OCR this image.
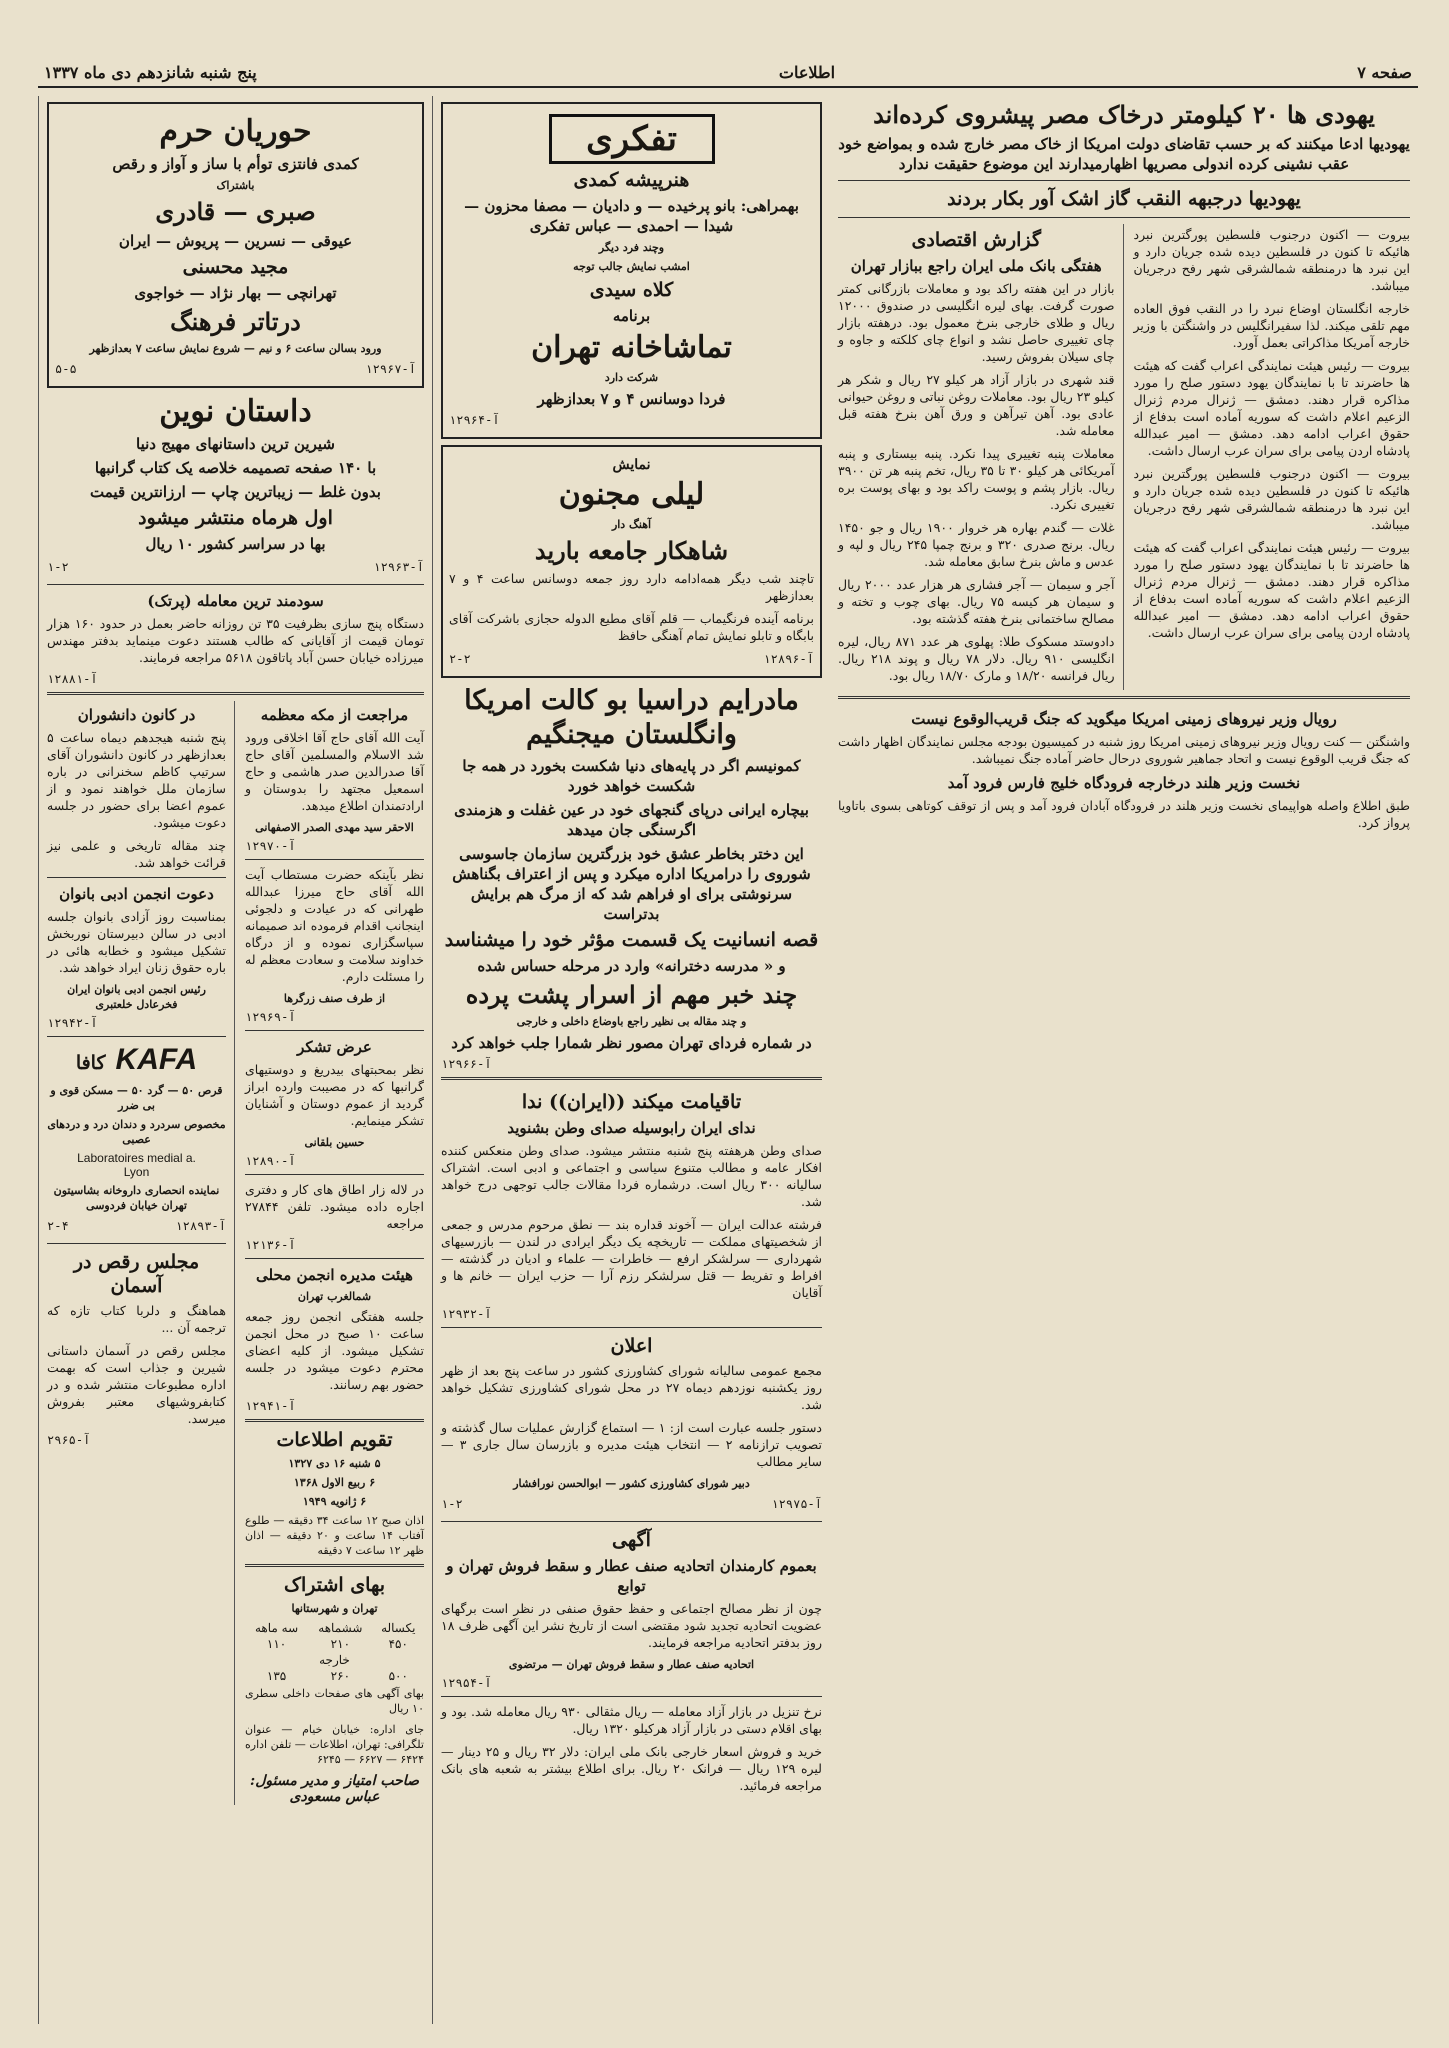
صفحه ۷
اطلاعات
پنج شنبه شانزدهم دی ماه ۱۳۳۷
یهودی ها ۲۰ کیلومتر درخاک مصر پیشروی کرده‌اند
یهودیها ادعا میکنند که بر حسب تقاضای دولت امریکا از خاک مصر خارج شده و بمواضع خود عقب نشینی کرده اند‌ولی مصریها اظهارمیدارند این موضوع حقیقت ندارد
یهودیها درجبهه النقب گاز اشک آور بکار بردند

بیروت — اکنون درجنوب فلسطین پورگترین نبرد هائیکه تا کنون در فلسطین دیده شده جریان دارد و این نبرد ها درمنطقه شمالشرقی شهر رفح درجریان میباشد.

خارجه انگلستان اوضاع نبرد را در النقب فوق العاده مهم تلقی میکند. لذا سفیرانگلیس در واشنگتن با وزیر خارجه آمریکا مذاکراتی بعمل آورد.

بیروت — رئیس هیئت نمایندگی اعراب گفت که هیئت ها حاضرند تا با نمایندگان یهود دستور صلح را مورد مذاکره قرار دهند. دمشق — ژنرال مردم ژنرال الزعیم اعلام داشت که سوریه آماده است بدفاع از حقوق اعراب ادامه دهد. دمشق — امیر عبدالله پادشاه اردن پیامی برای سران عرب ارسال داشت.

بیروت — اکنون درجنوب فلسطین پورگترین نبرد هائیکه تا کنون در فلسطین دیده شده جریان دارد و این نبرد ها درمنطقه شمالشرقی شهر رفح درجریان میباشد.

بیروت — رئیس هیئت نمایندگی اعراب گفت که هیئت ها حاضرند تا با نمایندگان یهود دستور صلح را مورد مذاکره قرار دهند. دمشق — ژنرال مردم ژنرال الزعیم اعلام داشت که سوریه آماده است بدفاع از حقوق اعراب ادامه دهد. دمشق — امیر عبدالله پادشاه اردن پیامی برای سران عرب ارسال داشت.

گزارش اقتصادی
هفتگی بانک ملی ایران راجع ببازار تهران

بازار در این هفته راکد بود و معاملات بازرگانی کمتر صورت گرفت. بهای لیره انگلیسی در صندوق ۱۲۰۰۰ ریال و طلای خارجی بنرخ معمول بود. درهفته بازار چای تغییری حاصل نشد و انواع چای کلکته و جاوه و چای سیلان بفروش رسید.

قند شهری در بازار آزاد هر کیلو ۲۷ ریال و شکر هر کیلو ۲۳ ریال بود. معاملات روغن نباتی و روغن حیوانی عادی بود. آهن تیرآهن و ورق آهن بنرخ هفته قبل معامله شد.

معاملات پنبه تغییری پیدا نکرد. پنبه بیستاری و پنبه آمریکائی هر کیلو ۳۰ تا ۳۵ ریال، تخم پنبه هر تن ۳۹۰۰ ریال. بازار پشم و پوست راکد بود و بهای پوست بره تغییری نکرد.

غلات — گندم بهاره هر خروار ۱۹۰۰ ریال و جو ۱۴۵۰ ریال. برنج صدری ۳۲۰ و برنج چمپا ۲۴۵ ریال و لپه و عدس و ماش بنرخ سابق معامله شد.

آجر و سیمان — آجر فشاری هر هزار عدد ۲۰۰۰ ریال و سیمان هر کیسه ۷۵ ریال. بهای چوب و تخته و مصالح ساختمانی بنرخ هفته گذشته بود.

دادوستد مسکوک طلا: پهلوی هر عدد ۸۷۱ ریال، لیره انگلیسی ۹۱۰ ریال. دلار ۷۸ ریال و پوند ۲۱۸ ریال. ریال فرانسه ۱۸/۲۰ و مارک ۱۸/۷۰ ریال بود.

رویال وزیر نیروهای زمینی امریکا میگوید که جنگ قریب‌الوقوع نیست

واشنگتن — کنت رویال وزیر نیروهای زمینی امریکا روز شنبه در کمیسیون بودجه مجلس نمایندگان اظهار داشت که جنگ قریب الوقوع نیست و اتحاد جماهیر شوروی درحال حاضر آماده جنگ نمیباشد.

نخست وزیر هلند درخارجه فرودگاه خلیج فارس فرود آمد

طبق اطلاع واصله هواپیمای نخست وزیر هلند در فرودگاه آبادان فرود آمد و پس از توقف کوتاهی بسوی باتاویا پرواز کرد.

تفکری
هنرپیشه کمدی
بهمراهی: بانو پرخیده — و دادیان — مصفا محزون — شیدا — احمدی — عباس تفکری
وچند فرد دیگر
امشب نمایش جالب توجه
کلاه سیدی
برنامه
تماشاخانه تهران
شرکت دارد
فردا دوسانس ۴ و ۷ بعدازظهر
آ-۱۲۹۶۴
نمایش
لیلی مجنون
آهنگ دار
شاهکار جامعه بارید
تاچند شب دیگر همه‌ادامه دارد روز جمعه دوسانس ساعت ۴ و ۷ بعدازظهر
برنامه آینده فرنگیماب — قلم آقای مطیع الدوله حجازی باشرکت آقای بابگاه و تابلو نمایش تمام آهنگی حافظ
آ-۱۲۸۹۶
۲-۲
مادرایم دراسیا بو کالت امریکا وانگلستان میجنگیم
کمونیسم اگر در پایه‌های دنیا شکست بخورد در همه جا شکست خواهد خورد
بیچاره ایرانی درپای گنجهای خود در عین غفلت و هزمندی اگرسنگی جان میدهد
این دختر بخاطر عشق خود بزرگترین سازمان جاسوسی شوروی را درامریکا اداره میکرد و پس از اعتراف بگناهش سرنوشتی برای او فراهم شد که از مرگ هم برایش بدتراست
قصه انسانیت یک قسمت مؤثر خود را میشناسد
و « مدرسه دخترانه» وارد در مرحله حساس شده
چند خبر مهم از اسرار پشت پرده
و چند مقاله بی نظیر راجع باوضاع داخلی و خارجی
در شماره فردای تهران مصور نظر شمارا جلب خواهد کرد
آ-۱۲۹۶۶
تاقیامت میکند ((ایران)) ندا
ندای ایران رابوسیله صدای وطن بشنوید

صدای وطن هرهفته پنج شنبه منتشر میشود. صدای وطن منعکس کننده افکار عامه و مطالب متنوع سیاسی و اجتماعی و ادبی است. اشتراک سالیانه ۳۰۰ ریال است. درشماره فردا مقالات جالب توجهی درج خواهد شد.

فرشته عدالت ایران — آخوند قداره بند — نطق مرحوم مدرس و جمعی از شخصیتهای مملکت — تاریخچه یک دیگر ایرادی در لندن — بازرسیهای شهرداری — سرلشکر ارفع — خاطرات — علماء و ادیان در گذشته — افراط و تفریط — قتل سرلشکر رزم آرا — حزب ایران — خانم ها و آقایان

آ-۱۲۹۳۲
اعلان

مجمع عمومی سالیانه شورای کشاورزی کشور در ساعت پنج بعد از ظهر روز یکشنبه نوزدهم دیماه ۲۷ در محل شورای کشاورزی تشکیل خواهد شد.

دستور جلسه عبارت است از: ۱ — استماع گزارش عملیات سال گذشته و تصویب ترازنامه ۲ — انتخاب هیئت مدیره و بازرسان سال جاری ۳ — سایر مطالب

دبیر شورای کشاورزی کشور — ابوالحسن نورافشار
آ-۱۲۹۷۵
۱-۲
آگهی
بعموم کارمندان اتحادیه صنف عطار و سقط فروش تهران و توابع

چون از نظر مصالح اجتماعی و حفظ حقوق صنفی در نظر است برگهای عضویت اتحادیه تجدید شود مقتضی است از تاریخ نشر این آگهی ظرف ۱۸ روز بدفتر اتحادیه مراجعه فرمایند.

اتحادیه صنف عطار و سقط فروش تهران — مرتضوی
آ-۱۲۹۵۴

نرخ تنزیل در بازار آزاد معامله — ریال مثقالی ۹۳۰ ریال معامله شد. بود و بهای اقلام دستی در بازار آزاد هرکیلو ۱۳۲۰ ریال.

خرید و فروش اسعار خارجی بانک ملی ایران: دلار ۳۲ ریال و ۲۵ دینار — لیره ۱۲۹ ریال — فرانک ۲۰ ریال. برای اطلاع بیشتر به شعبه های بانک مراجعه فرمائید.

حوریان حرم
کمدی فانتزی توأم با ساز و آواز و رقص
باشتراک
صبری — قادری
عیوقی — نسرین — پریوش — ایران
مجید محسنی
تهرانچی — بهار نژاد — خواجوی
درتاتر فرهنگ
ورود بسالن ساعت ۶ و نیم — شروع نمایش ساعت ۷ بعدازظهر
آ-۱۲۹۶۷
۵-۵
داستان نوین
شیرین ترین داستانهای مهیج دنیا
با ۱۴۰ صفحه تصمیمه خلاصه یک کتاب گرانبها
بدون غلط — زیباترین چاپ — ارزانترین قیمت
اول هرماه منتشر میشود
بها در سراسر کشور ۱۰ ریال
آ-۱۲۹۶۳
۱-۲
سودمند ترین معامله (پرتک)

دستگاه پنج سازی بظرفیت ۳۵ تن روزانه حاضر بعمل در حدود ۱۶۰ هزار تومان قیمت از آقایانی که طالب هستند دعوت مینماید بدفتر مهندس میرزاده خیابان حسن آباد پاتاقون ۵۶۱۸ مراجعه فرمایند.

آ-۱۲۸۸۱
مراجعت از مکه معظمه

آیت الله آقای حاج آقا اخلاقی ورود شد الاسلام والمسلمین آقای حاج آقا صدرالدین صدر هاشمی و حاج اسمعیل مجتهد را بدوستان و ارادتمندان اطلاع میدهد.

الاحقر سید مهدی الصدر الاصفهانی
آ-۱۲۹۷۰

نظر بآینکه حضرت مستطاب آیت الله آقای حاج میرزا عبدالله طهرانی که در عیادت و دلجوئی اینجانب اقدام فرموده اند صمیمانه سپاسگزاری نموده و از درگاه خداوند سلامت و سعادت معظم له را مسئلت دارم.

از طرف صنف زرگرها
آ-۱۲۹۶۹
عرض تشکر

نظر بمحبتهای بیدریغ و دوستیهای گرانبها که در مصیبت وارده ابراز گردید از عموم دوستان و آشنایان تشکر مینمایم.

حسین بلقانی
آ-۱۲۸۹۰

در لاله زار اطاق های کار و دفتری اجاره داده میشود. تلفن ۲۷۸۴۴ مراجعه

آ-۱۲۱۳۶
هیئت مدیره انجمن محلی
شمالغرب تهران

جلسه هفتگی انجمن روز جمعه ساعت ۱۰ صبح در محل انجمن تشکیل میشود. از کلیه اعضای محترم دعوت میشود در جلسه حضور بهم رسانند.

آ-۱۲۹۴۱
تقویم اطلاعات
۵ شنبه ۱۶ دی ۱۳۲۷
۶ ربیع الاول ۱۳۶۸
۶ ژانویه ۱۹۴۹

اذان صبح ۱۲ ساعت ۳۴ دقیقه — طلوع آفتاب ۱۴ ساعت و ۲۰ دقیقه — اذان ظهر ۱۲ ساعت ۷ دقیقه

بهای اشتراک
تهران و شهرستانها
یکساله	ششماهه	سه ماهه
۴۵۰	۲۱۰	۱۱۰
خارجه		
۵۰۰	۲۶۰	۱۳۵

بهای آگهی های صفحات داخلی سطری ۱۰ ریال

جای اداره: خیابان خیام — عنوان تلگرافی: تهران، اطلاعات — تلفن اداره ۶۴۲۴ — ۶۶۲۷ — ۶۲۴۵

صاحب امتیاز و مدیر مسئول: عباس مسعودی
در کانون دانشوران

پنج شنبه هیجدهم دیماه ساعت ۵ بعدازظهر در کانون دانشوران آقای سرتیپ کاظم سخنرانی در باره سازمان ملل خواهند نمود و از عموم اعضا برای حضور در جلسه دعوت میشود.

چند مقاله تاریخی و علمی نیز قرائت خواهد شد.

دعوت انجمن ادبی بانوان

بمناسبت روز آزادی بانوان جلسه ادبی در سالن دبیرستان نوربخش تشکیل میشود و خطابه هائی در باره حقوق زنان ایراد خواهد شد.

رئیس انجمن ادبی بانوان ایران فخرعادل خلعتبری
آ-۱۲۹۴۲
KAFA
کافا
قرص ۵۰ — گرد ۵۰ — مسکن قوی و بی ضرر
مخصوص سردرد و دندان درد و دردهای عصبی
Laboratoires medial a.
Lyon
نماینده انحصاری داروخانه بشاسیتون تهران خیابان فردوسی
آ-۱۲۸۹۳
۲-۴
مجلس رقص در آسمان

هماهنگ و دلربا کتاب تازه که ترجمه آن ...

مجلس رقص در آسمان داستانی شیرین و جذاب است که بهمت اداره مطبوعات منتشر شده و در کتابفروشیهای معتبر بفروش میرسد.

آ-۲۹۶۵
